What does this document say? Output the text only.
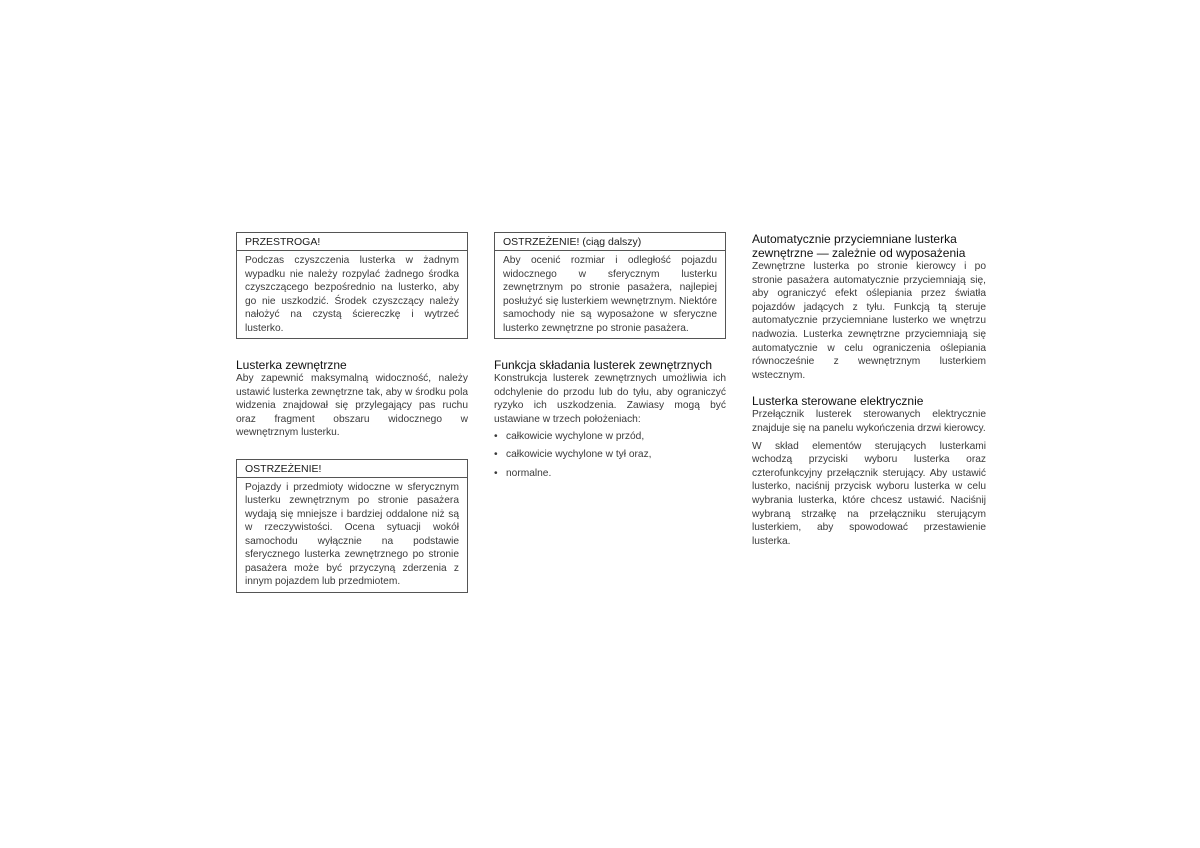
PRZESTROGA!
Podczas czyszczenia lusterka w żadnym wypadku nie należy rozpylać żadnego środka czyszczącego bezpośrednio na lusterko, aby go nie uszkodzić. Środek czyszczący należy nałożyć na czystą ściereczkę i wytrzeć lusterko.
Lusterka zewnętrzne

Aby zapewnić maksymalną widoczność, należy ustawić lusterka zewnętrzne tak, aby w środku pola widzenia znajdował się przylegający pas ruchu oraz fragment obszaru widocznego w wewnętrznym lusterku.

OSTRZEŻENIE!
Pojazdy i przedmioty widoczne w sferycznym lusterku zewnętrznym po stronie pasażera wydają się mniejsze i bardziej oddalone niż są w rzeczywistości. Ocena sytuacji wokół samochodu wyłącznie na podstawie sferycznego lusterka zewnętrznego po stronie pasażera może być przyczyną zderzenia z innym pojazdem lub przedmiotem.
OSTRZEŻENIE! (ciąg dalszy)
Aby ocenić rozmiar i odległość pojazdu widocznego w sferycznym lusterku zewnętrznym po stronie pasażera, najlepiej posłużyć się lusterkiem wewnętrznym. Niektóre samochody nie są wyposażone w sferyczne lusterko zewnętrzne po stronie pasażera.
Funkcja składania lusterek zewnętrznych

Konstrukcja lusterek zewnętrznych umożliwia ich odchylenie do przodu lub do tyłu, aby ograniczyć ryzyko ich uszkodzenia. Zawiasy mogą być ustawiane w trzech położeniach:

• całkowicie wychylone w przód,
• całkowicie wychylone w tył oraz,
• normalne.
Automatycznie przyciemniane lusterka
zewnętrzne — zależnie od wyposażenia

Zewnętrzne lusterka po stronie kierowcy i po stronie pasażera automatycznie przyciemniają się, aby ograniczyć efekt oślepiania przez światła pojazdów jadących z tyłu. Funkcją tą steruje automatycznie przyciemniane lusterko we wnętrzu nadwozia. Lusterka zewnętrzne przyciemniają się automatycznie w celu ograniczenia oślepiania równocześnie z wewnętrznym lusterkiem wstecznym.

Lusterka sterowane elektrycznie

Przełącznik lusterek sterowanych elektrycznie znajduje się na panelu wykończenia drzwi kierowcy.

W skład elementów sterujących lusterkami wchodzą przyciski wyboru lusterka oraz czterofunkcyjny przełącznik sterujący. Aby ustawić lusterko, naciśnij przycisk wyboru lusterka w celu wybrania lusterka, które chcesz ustawić. Naciśnij wybraną strzałkę na przełączniku sterującym lusterkiem, aby spowodować przestawienie lusterka.
